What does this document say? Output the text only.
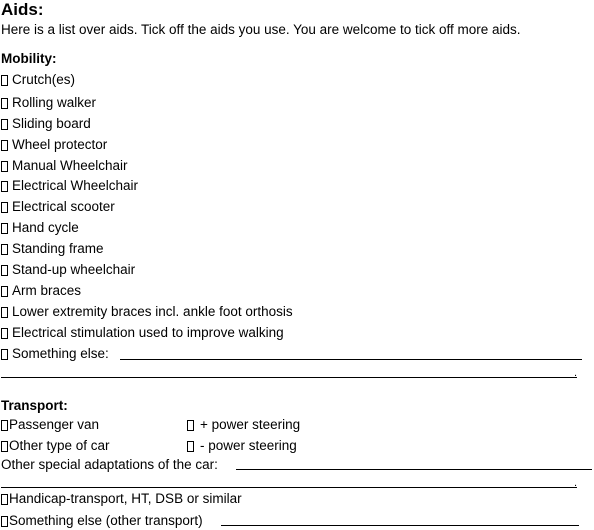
Aids:
Here is a list over aids. Tick off the aids you use. You are welcome to tick off more aids.
Mobility:
Crutch(es)
Rolling walker
Sliding board
Wheel protector
Manual Wheelchair
Electrical Wheelchair
Electrical scooter
Hand cycle
Standing frame
Stand-up wheelchair
Arm braces
Lower extremity braces incl. ankle foot orthosis
Electrical stimulation used to improve walking
Something else:
.
Transport:
Passenger van	+ power steering
Other type of car	- power steering
Other special adaptations of the car:
.
Handicap-transport, HT, DSB or similar
Something else (other transport)
